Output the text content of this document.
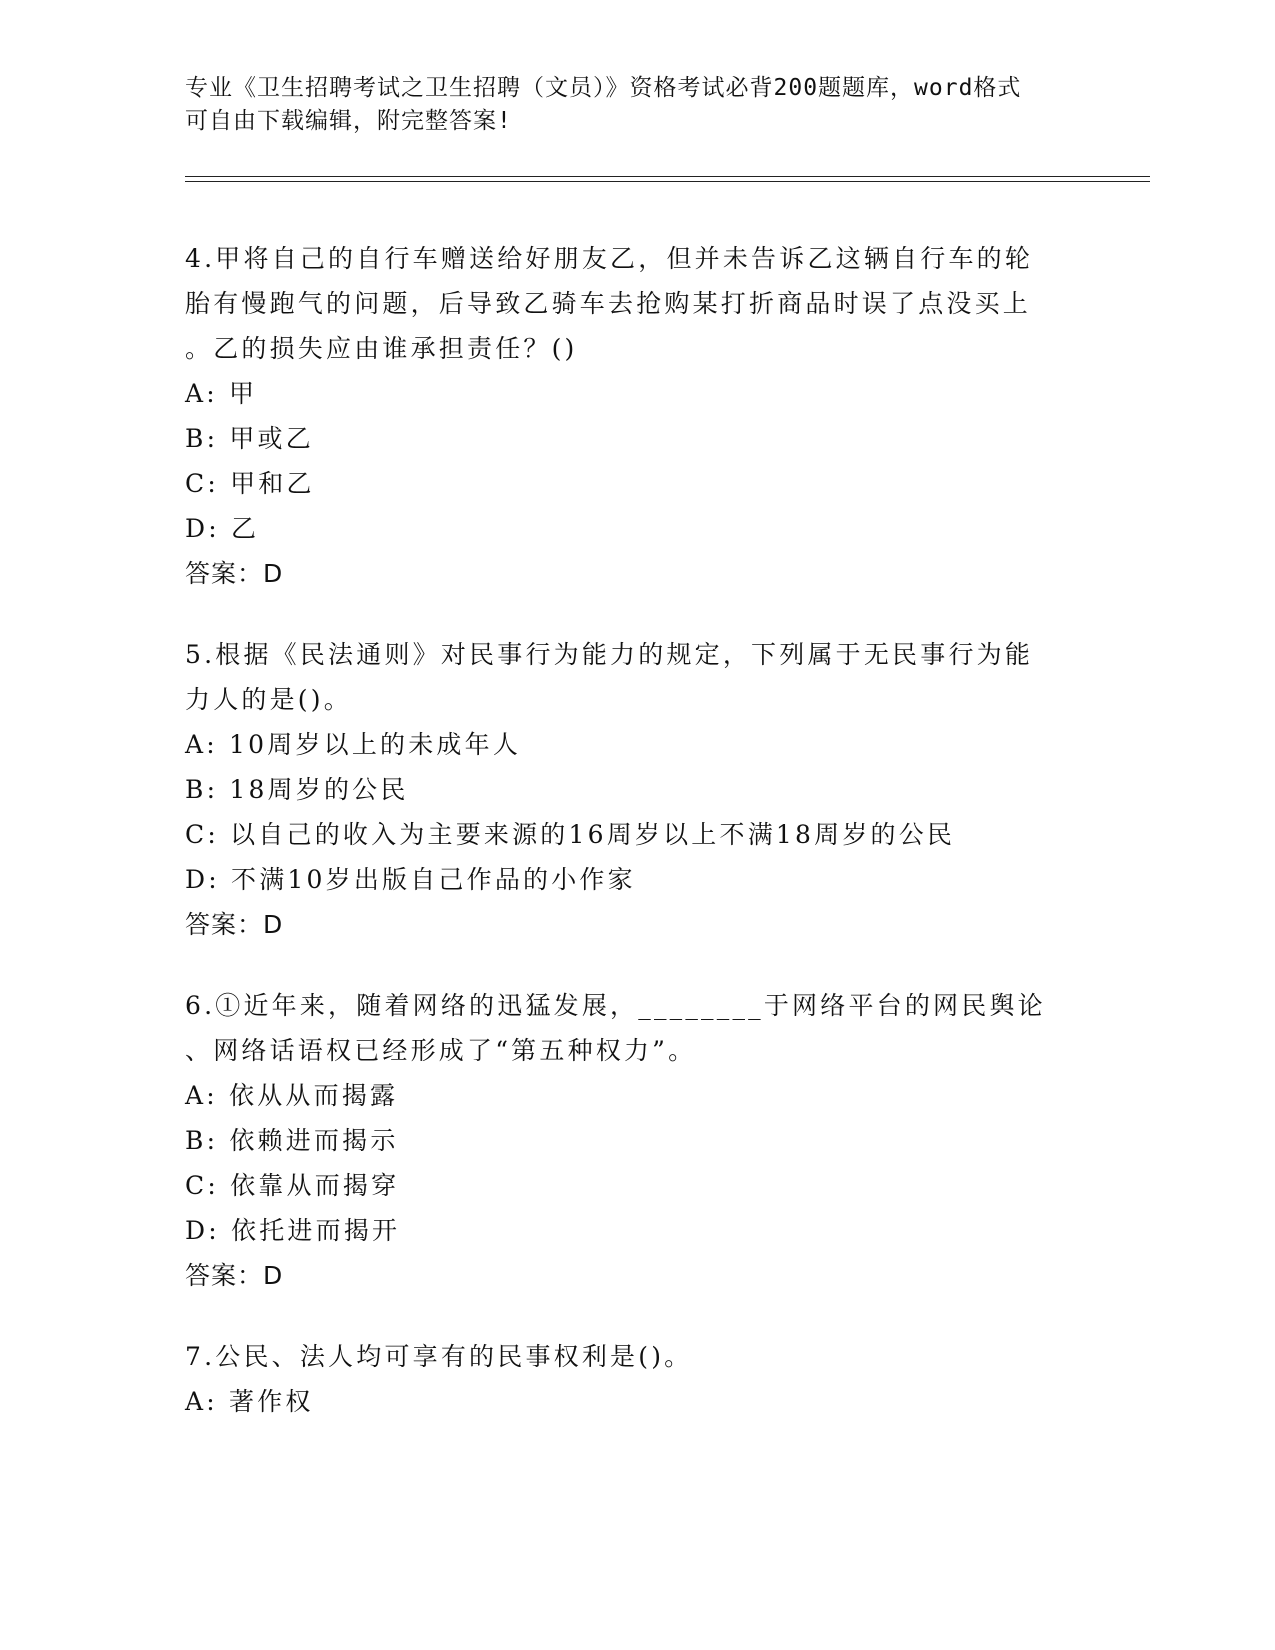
专业《卫生招聘考试之卫生招聘（文员）》资格考试必背200题题库，word格式
可自由下载编辑，附完整答案!
4.甲将自己的自行车赠送给好朋友乙，但并未告诉乙这辆自行车的轮
胎有慢跑气的问题，后导致乙骑车去抢购某打折商品时误了点没买上
。乙的损失应由谁承担责任？()
A: 甲
B: 甲或乙
C: 甲和乙
D: 乙
答案：D
5.根据《民法通则》对民事行为能力的规定，下列属于无民事行为能
力人的是()。
A: 10周岁以上的未成年人
B: 18周岁的公民
C: 以自己的收入为主要来源的16周岁以上不满18周岁的公民
D: 不满10岁出版自己作品的小作家
答案：D
6.①近年来，随着网络的迅猛发展，________于网络平台的网民舆论
、网络话语权已经形成了“第五种权力”。
A: 依从从而揭露
B: 依赖进而揭示
C: 依靠从而揭穿
D: 依托进而揭开
答案：D
7.公民、法人均可享有的民事权利是()。
A: 著作权
